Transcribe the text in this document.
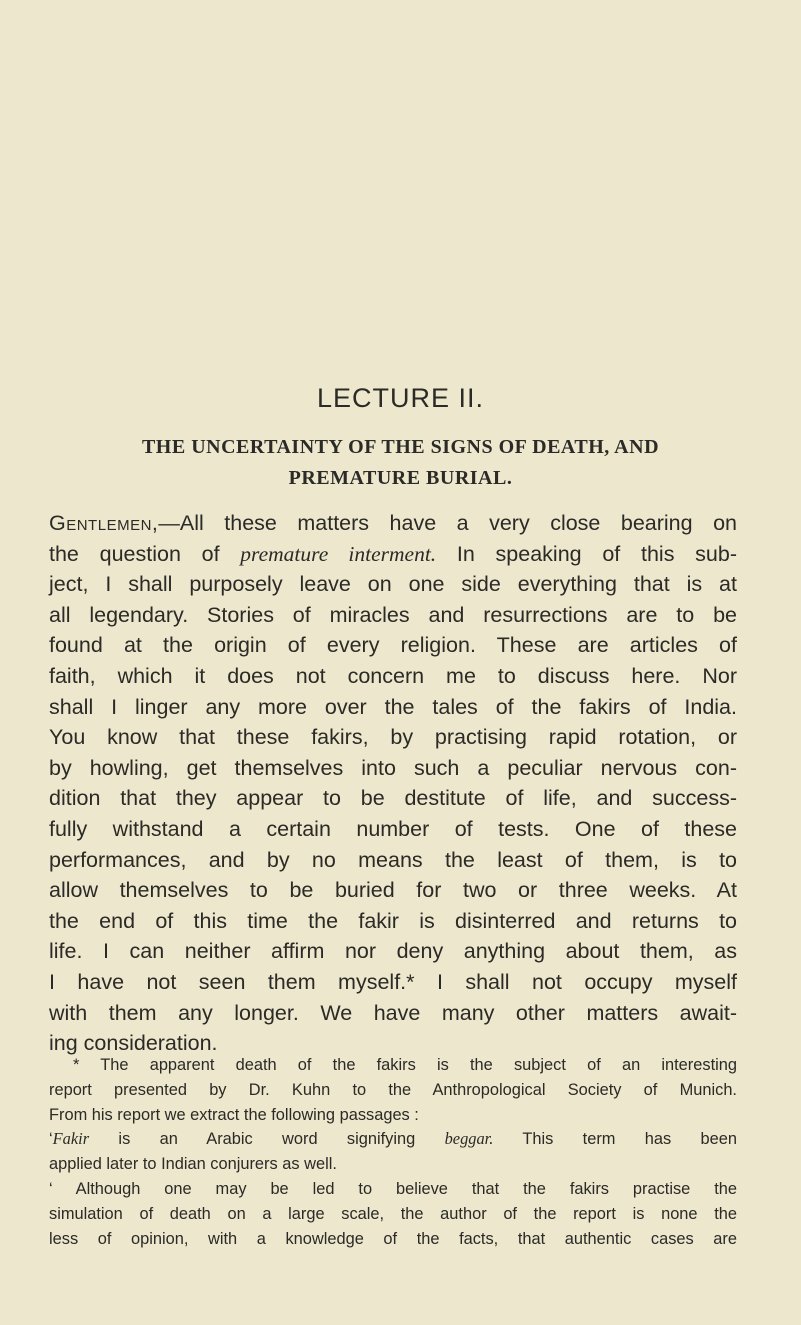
LECTURE II.
THE UNCERTAINTY OF THE SIGNS OF DEATH, AND
PREMATURE BURIAL.
Gentlemen,—All these matters have a very close bearing on
the question of premature interment. In speaking of this sub-
ject, I shall purposely leave on one side everything that is at
all legendary. Stories of miracles and resurrections are to be
found at the origin of every religion. These are articles of
faith, which it does not concern me to discuss here. Nor
shall I linger any more over the tales of the fakirs of India.
You know that these fakirs, by practising rapid rotation, or
by howling, get themselves into such a peculiar nervous con-
dition that they appear to be destitute of life, and success-
fully withstand a certain number of tests. One of these
performances, and by no means the least of them, is to
allow themselves to be buried for two or three weeks. At
the end of this time the fakir is disinterred and returns to
life. I can neither affirm nor deny anything about them, as
I have not seen them myself.* I shall not occupy myself
with them any longer. We have many other matters await-
ing consideration.
* The apparent death of the fakirs is the subject of an interesting
report presented by Dr. Kuhn to the Anthropological Society of Munich.
From his report we extract the following passages :
‘Fakir is an Arabic word signifying beggar. This term has been
applied later to Indian conjurers as well.
‘ Although one may be led to believe that the fakirs practise the
simulation of death on a large scale, the author of the report is none the
less of opinion, with a knowledge of the facts, that authentic cases are
